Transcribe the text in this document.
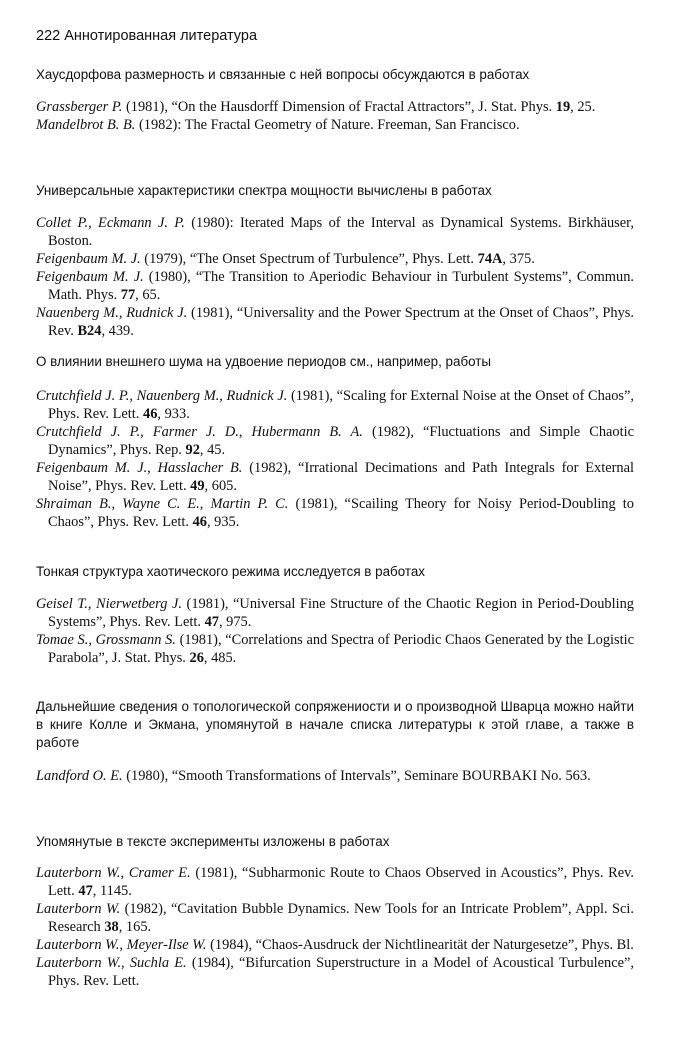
222 Аннотированная литература
Хаусдорфова размерность и связанные с ней вопросы обсуждаются в работах

Grassberger P. (1981), “On the Hausdorff Dimension of Fractal Attractors”, J. Stat. Phys. 19, 25.

Mandelbrot B. B. (1982): The Fractal Geometry of Nature. Freeman, San Francisco.

Универсальные характеристики спектра мощности вычислены в работах

Collet P., Eckmann J. P. (1980): Iterated Maps of the Interval as Dynamical Systems. Birkhäuser, Boston.

Feigenbaum M. J. (1979), “The Onset Spectrum of Turbulence”, Phys. Lett. 74A, 375.

Feigenbaum M. J. (1980), “The Transition to Aperiodic Behaviour in Turbulent Systems”, Commun. Math. Phys. 77, 65.

Nauenberg M., Rudnick J. (1981), “Universality and the Power Spectrum at the Onset of Chaos”, Phys. Rev. B24, 439.

О влиянии внешнего шума на удвоение периодов см., например, работы

Crutchfield J. P., Nauenberg M., Rudnick J. (1981), “Scaling for External Noise at the Onset of Chaos”, Phys. Rev. Lett. 46, 933.

Crutchfield J. P., Farmer J. D., Hubermann B. A. (1982), “Fluctuations and Simple Chaotic Dynamics”, Phys. Rep. 92, 45.

Feigenbaum M. J., Hasslacher B. (1982), “Irrational Decimations and Path Integrals for External Noise”, Phys. Rev. Lett. 49, 605.

Shraiman B., Wayne C. E., Martin P. C. (1981), “Scailing Theory for Noisy Period-Doubling to Chaos”, Phys. Rev. Lett. 46, 935.

Тонкая структура хаотического режима исследуется в работах

Geisel T., Nierwetberg J. (1981), “Universal Fine Structure of the Chaotic Region in Period-Doubling Systems”, Phys. Rev. Lett. 47, 975.

Tomae S., Grossmann S. (1981), “Correlations and Spectra of Periodic Chaos Generated by the Logistic Parabola”, J. Stat. Phys. 26, 485.

Дальнейшие сведения о топологической сопряжениости и о производной Шварца можно найти в книге Колле и Экмана, упомянутой в начале списка литературы к этой главе, а также в работе

Landford O. E. (1980), “Smooth Transformations of Intervals”, Seminare BOURBAKI No. 563.

Упомянутые в тексте эксперименты изложены в работах

Lauterborn W., Cramer E. (1981), “Subharmonic Route to Chaos Observed in Acoustics”, Phys. Rev. Lett. 47, 1145.

Lauterborn W. (1982), “Cavitation Bubble Dynamics. New Tools for an Intricate Problem”, Appl. Sci. Research 38, 165.

Lauterborn W., Meyer-Ilse W. (1984), “Chaos-Ausdruck der Nichtlinearität der Naturgesetze”, Phys. Bl.

Lauterborn W., Suchla E. (1984), “Bifurcation Superstructure in a Model of Acoustical Turbulence”, Phys. Rev. Lett.
